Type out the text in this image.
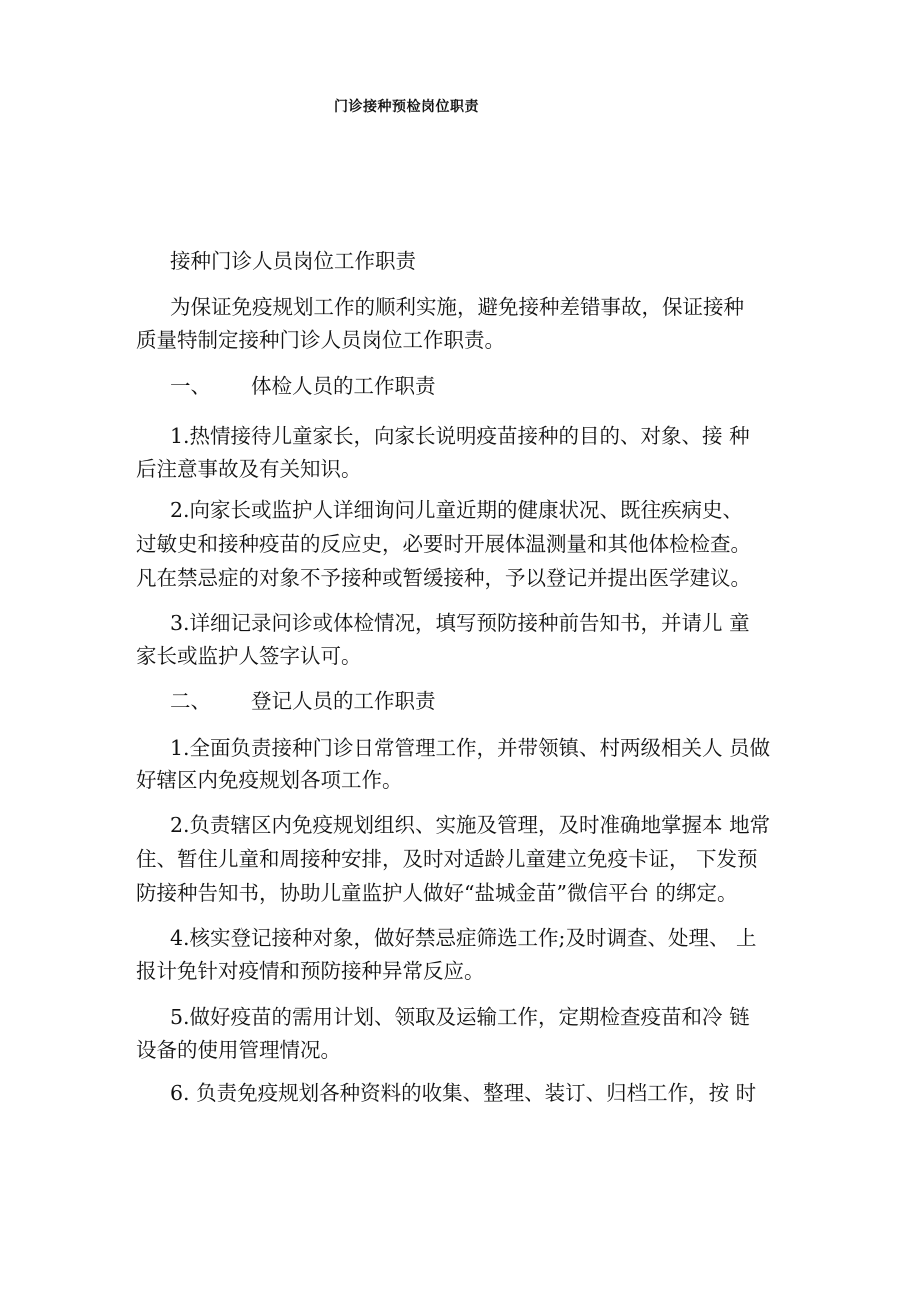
门诊接种预检岗位职责
接种门诊人员岗位工作职责
为保证免疫规划工作的顺利实施，避免接种差错事故，保证接种
质量特制定接种门诊人员岗位工作职责。
一、 体检人员的工作职责
1.热情接待儿童家长，向家长说明疫苗接种的目的、对象、接 种
后注意事故及有关知识。
2.向家长或监护人详细询问儿童近期的健康状况、既往疾病史、
过敏史和接种疫苗的反应史，必要时开展体温测量和其他体检检查。
凡在禁忌症的对象不予接种或暂缓接种，予以登记并提出医学建议。
3.详细记录问诊或体检情况，填写预防接种前告知书，并请儿 童
家长或监护人签字认可。
二、 登记人员的工作职责
1.全面负责接种门诊日常管理工作，并带领镇、村两级相关人 员做
好辖区内免疫规划各项工作。
2.负责辖区内免疫规划组织、实施及管理，及时准确地掌握本 地常
住、暂住儿童和周接种安排，及时对适龄儿童建立免疫卡证， 下发预
防接种告知书，协助儿童监护人做好“盐城金苗”微信平台 的绑定。
4.核实登记接种对象，做好禁忌症筛选工作;及时调查、处理、 上
报计免针对疫情和预防接种异常反应。
5.做好疫苗的需用计划、领取及运输工作，定期检查疫苗和冷 链
设备的使用管理情况。
6. 负责免疫规划各种资料的收集、整理、装订、归档工作，按 时
